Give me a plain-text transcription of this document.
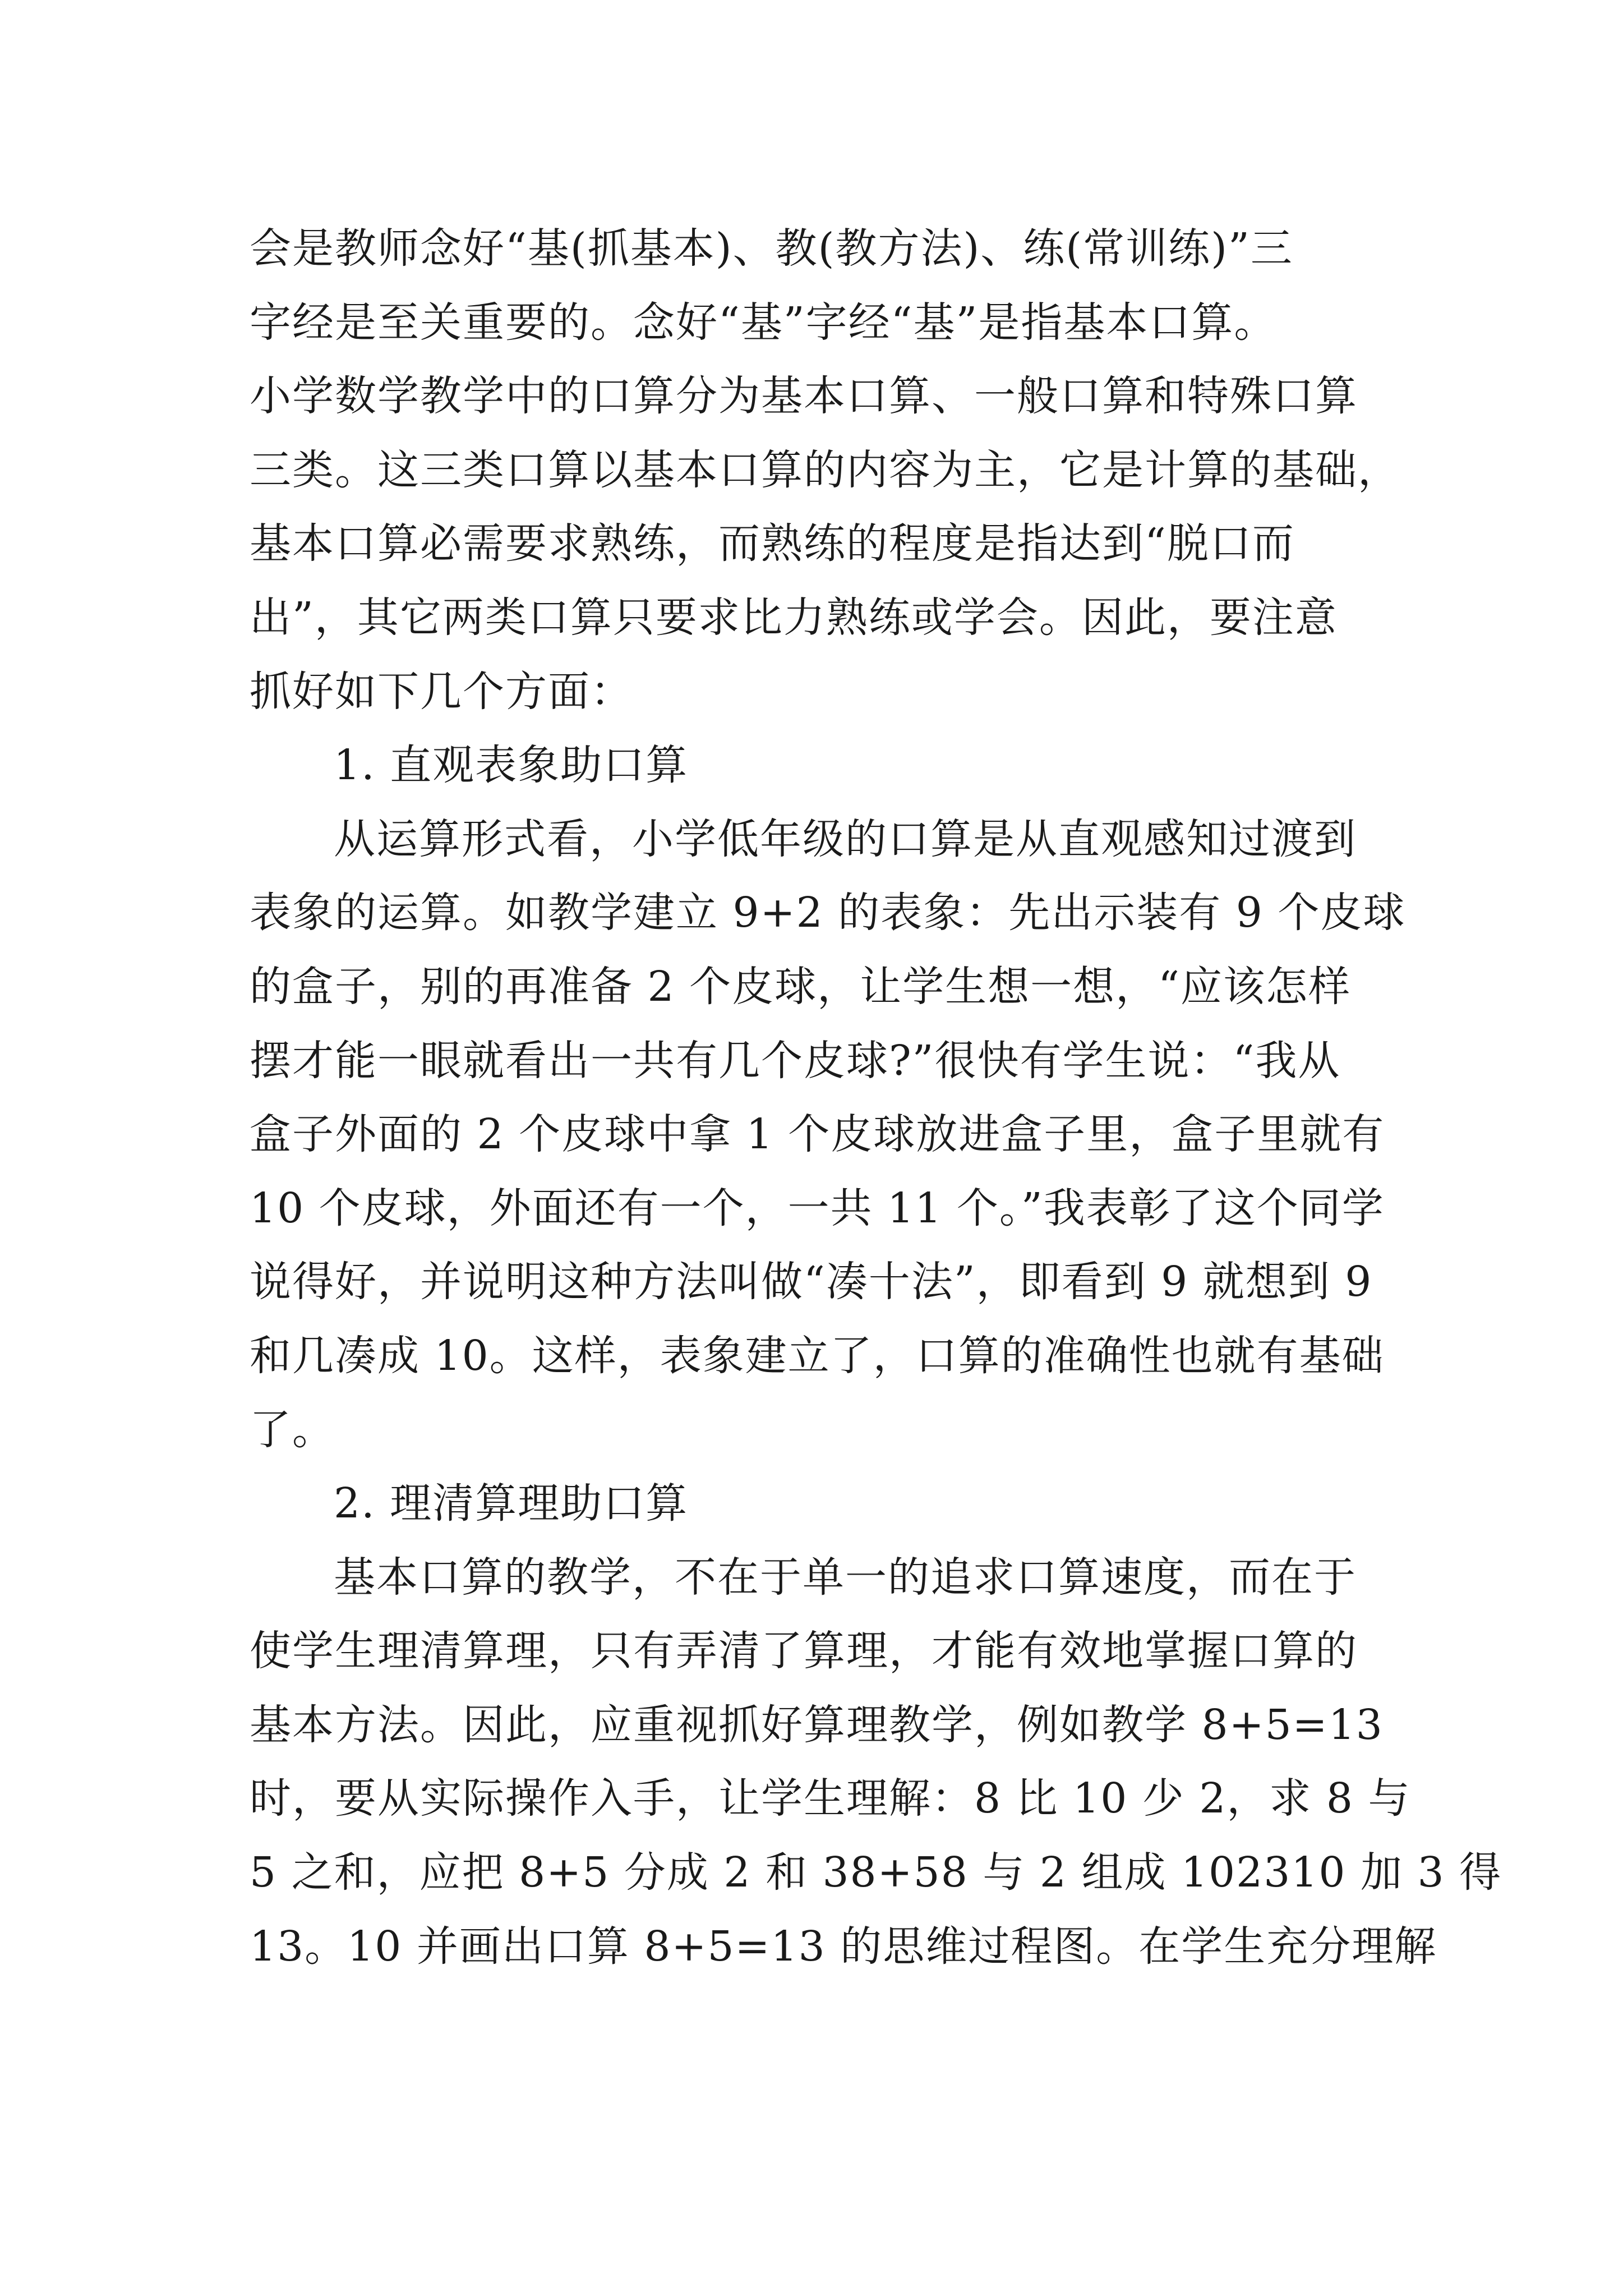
会是教师念好“基(抓基本)、教(教方法)、练(常训练)”三
字经是至关重要的。念好“基”字经“基”是指基本口算。
小学数学教学中的口算分为基本口算、一般口算和特殊口算
三类。这三类口算以基本口算的内容为主，它是计算的基础，
基本口算必需要求熟练，而熟练的程度是指达到“脱口而
出”，其它两类口算只要求比力熟练或学会。因此，要注意
抓好如下几个方面：
1. 直观表象助口算
从运算形式看，小学低年级的口算是从直观感知过渡到
表象的运算。如教学建立 9+2 的表象：先出示装有 9 个皮球
的盒子，别的再准备 2 个皮球，让学生想一想，“应该怎样
摆才能一眼就看出一共有几个皮球?”很快有学生说：“我从
盒子外面的 2 个皮球中拿 1 个皮球放进盒子里，盒子里就有
10 个皮球，外面还有一个，一共 11 个。”我表彰了这个同学
说得好，并说明这种方法叫做“凑十法”，即看到 9 就想到 9
和几凑成 10。这样，表象建立了，口算的准确性也就有基础
了。
2. 理清算理助口算
基本口算的教学，不在于单一的追求口算速度，而在于
使学生理清算理，只有弄清了算理，才能有效地掌握口算的
基本方法。因此，应重视抓好算理教学，例如教学 8+5=13
时，要从实际操作入手，让学生理解：8 比 10 少 2，求 8 与
5 之和，应把 8+5 分成 2 和 38+58 与 2 组成 102310 加 3 得
13。10 并画出口算 8+5=13 的思维过程图。在学生充分理解
